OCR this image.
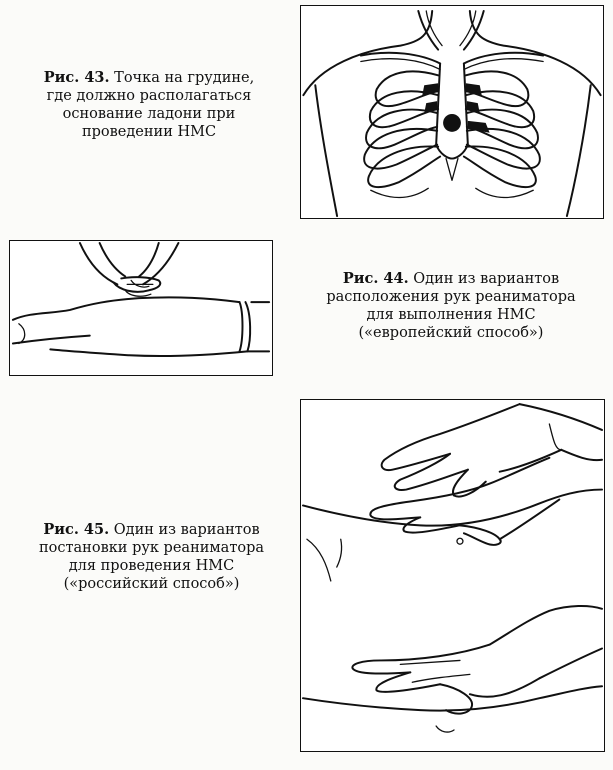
Рис. 43. Точка на грудине,
где должно располагаться
основание ладони при
проведении НМС
Рис. 44. Один из вариантов
расположения рук реаниматора
для выполнения НМС
(«европейский способ»)
Рис. 45. Один из вариантов
постановки рук реаниматора
для проведения НМС
(«российский способ»)
